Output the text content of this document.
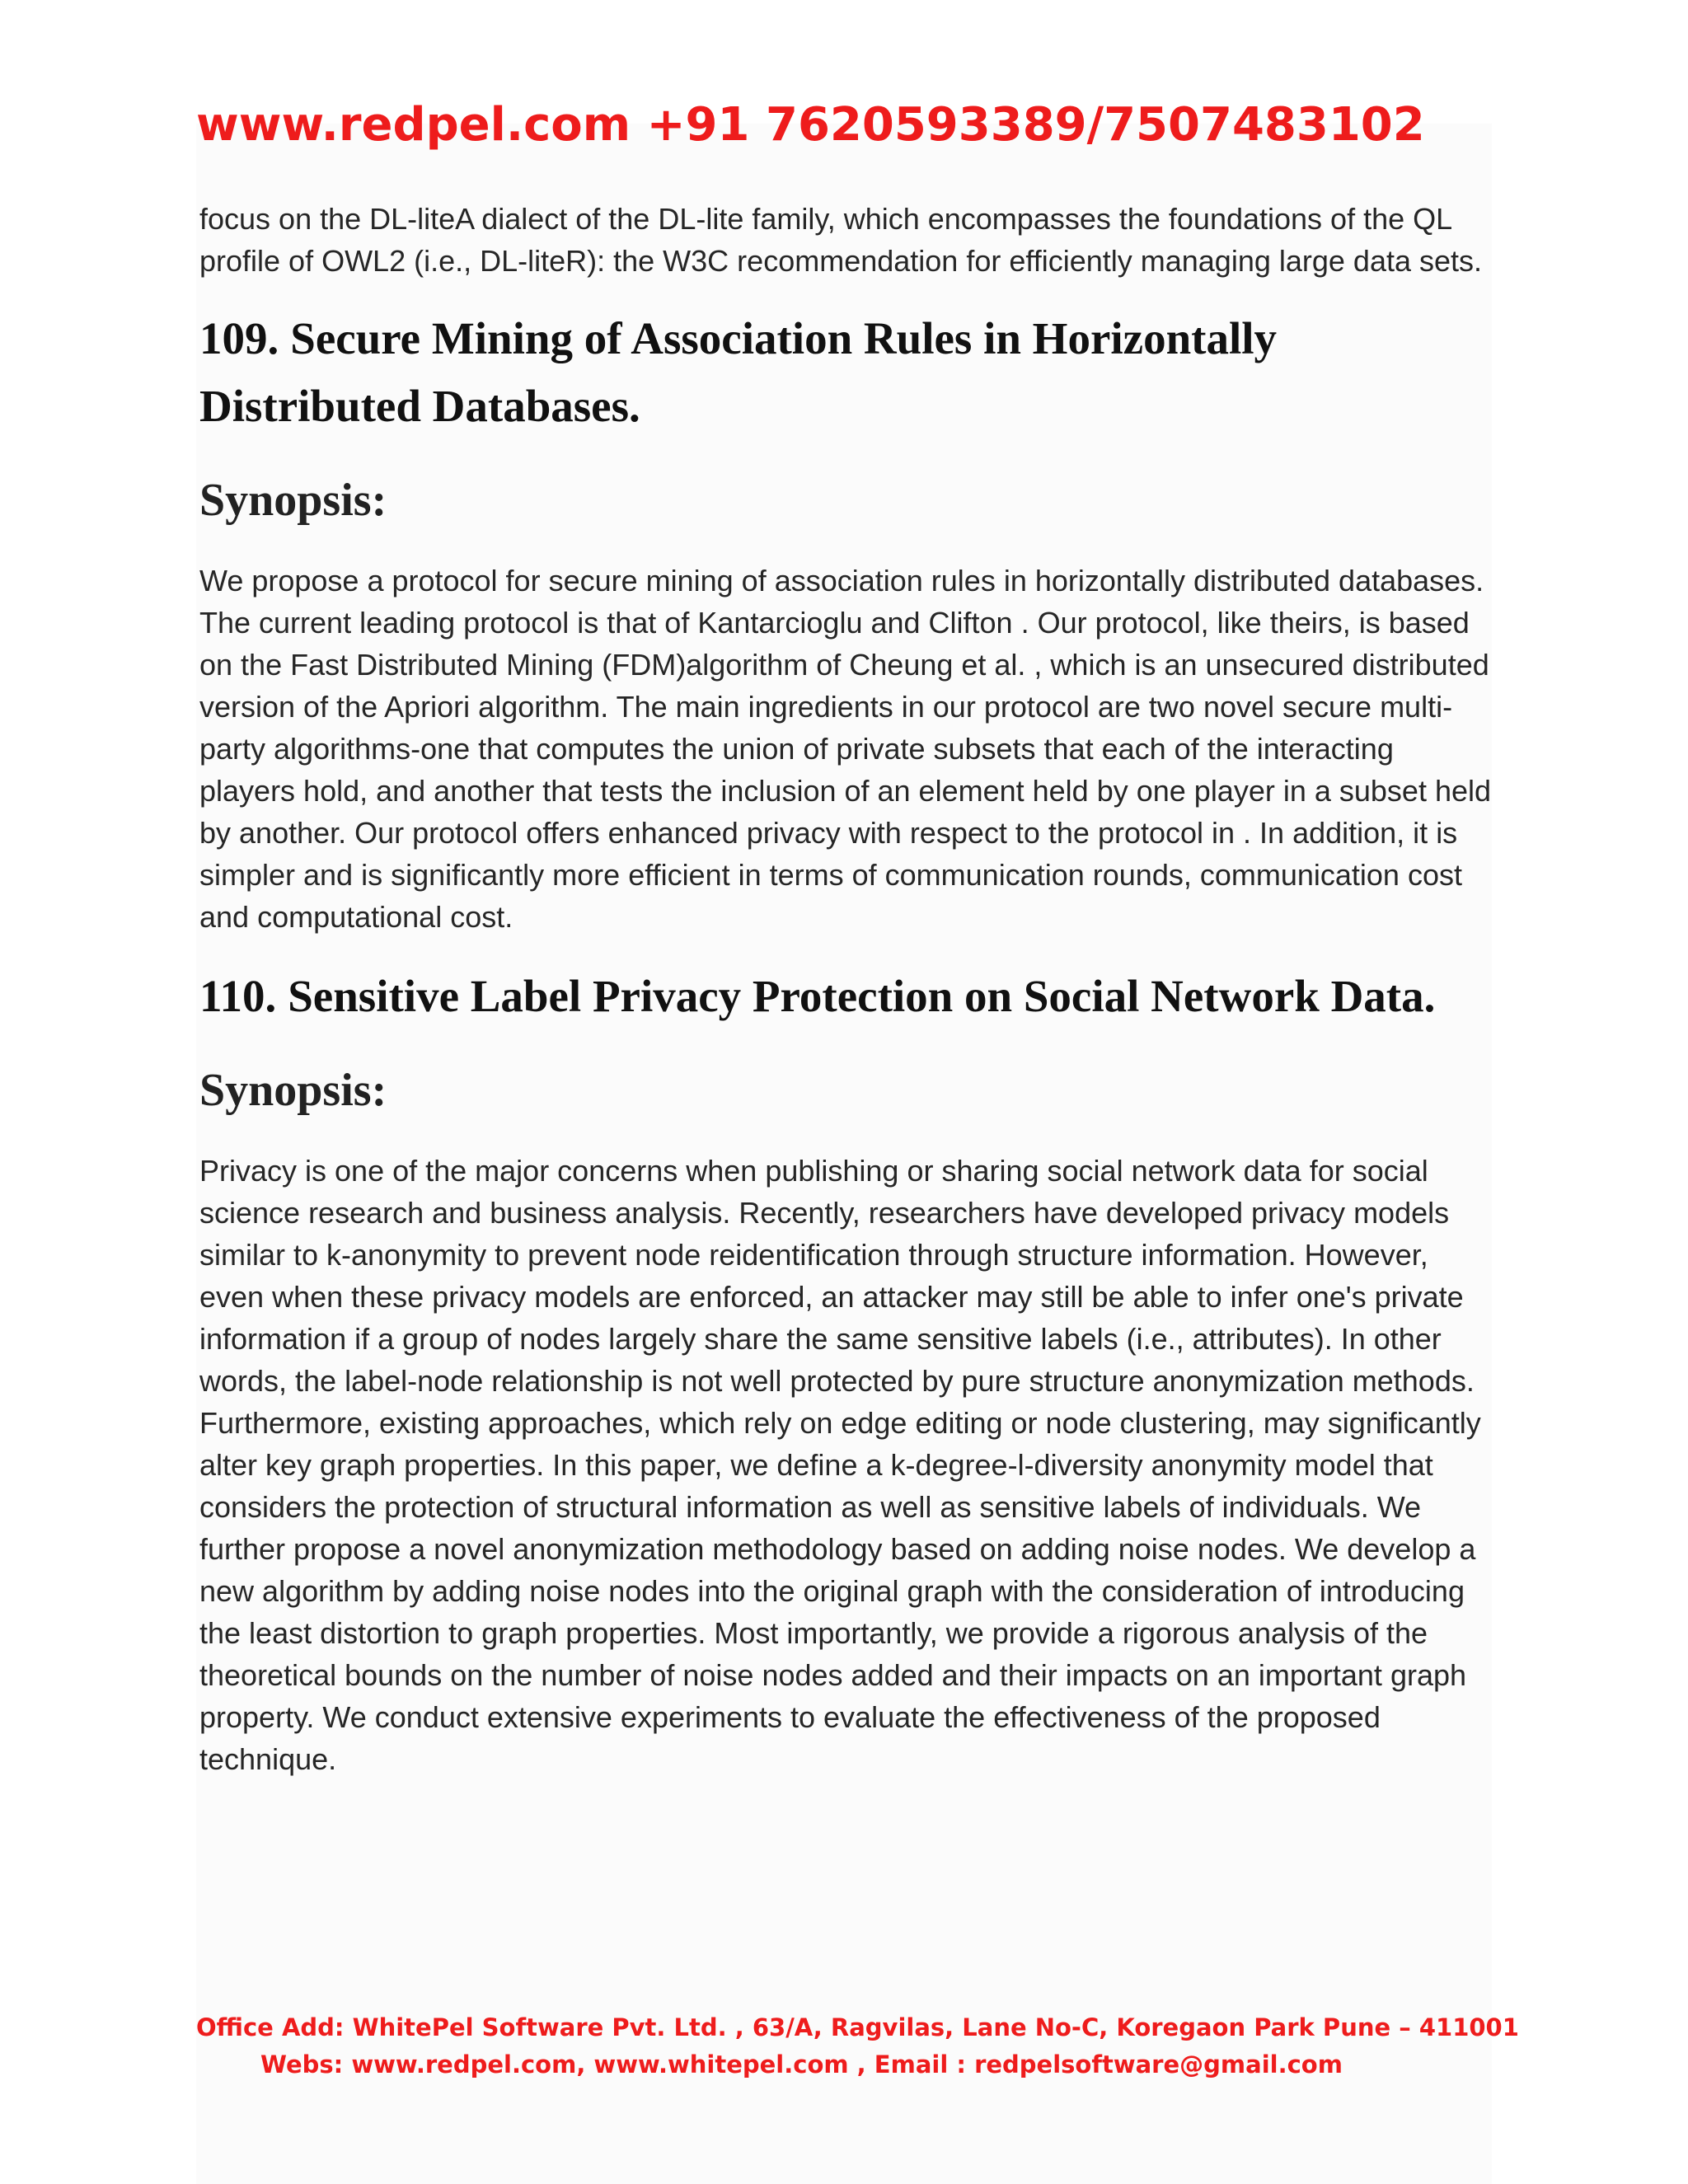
www.redpel.com +91 7620593389/7507483102

focus on the DL-liteA dialect of the DL-lite family, which encompasses the foundations of the QL profile of OWL2 (i.e., DL-liteR): the W3C recommendation for efficiently managing large data sets.

109. Secure Mining of Association Rules in Horizontally Distributed Databases.
Synopsis:

We propose a protocol for secure mining of association rules in horizontally distributed databases. The current leading protocol is that of Kantarcioglu and Clifton . Our protocol, like theirs, is based on the Fast Distributed Mining (FDM)algorithm of Cheung et al. , which is an unsecured distributed version of the Apriori algorithm. The main ingredients in our protocol are two novel secure multi-party algorithms-one that computes the union of private subsets that each of the interacting players hold, and another that tests the inclusion of an element held by one player in a subset held by another. Our protocol offers enhanced privacy with respect to the protocol in . In addition, it is simpler and is significantly more efficient in terms of communication rounds, communication cost and computational cost.

110. Sensitive Label Privacy Protection on Social Network Data.
Synopsis:

Privacy is one of the major concerns when publishing or sharing social network data for social science research and business analysis. Recently, researchers have developed privacy models similar to k-anonymity to prevent node reidentification through structure information. However, even when these privacy models are enforced, an attacker may still be able to infer one's private information if a group of nodes largely share the same sensitive labels (i.e., attributes). In other words, the label-node relationship is not well protected by pure structure anonymization methods. Furthermore, existing approaches, which rely on edge editing or node clustering, may significantly alter key graph properties. In this paper, we define a k-degree-l-diversity anonymity model that considers the protection of structural information as well as sensitive labels of individuals. We further propose a novel anonymization methodology based on adding noise nodes. We develop a new algorithm by adding noise nodes into the original graph with the consideration of introducing the least distortion to graph properties. Most importantly, we provide a rigorous analysis of the theoretical bounds on the number of noise nodes added and their impacts on an important graph property. We conduct extensive experiments to evaluate the effectiveness of the proposed technique.

Office Add: WhitePel Software Pvt. Ltd. , 63/A, Ragvilas, Lane No-C, Koregaon Park Pune – 411001

Webs: www.redpel.com, www.whitepel.com , Email : redpelsoftware@gmail.com
